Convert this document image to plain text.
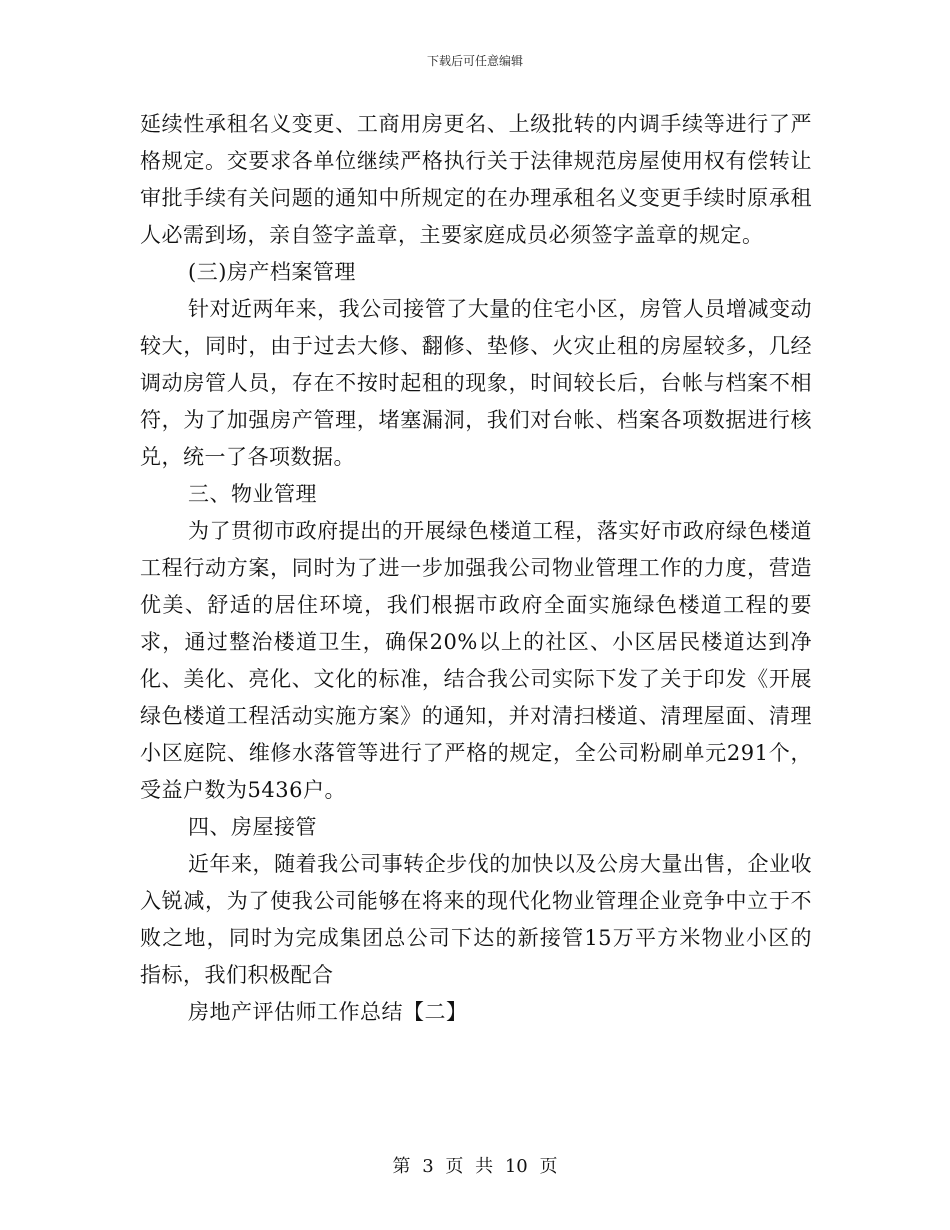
下载后可任意编辑

延续性承租名义变更、工商用房更名、上级批转的内调手续等进行了严格规定。交要求各单位继续严格执行关于法律规范房屋使用权有偿转让审批手续有关问题的通知中所规定的在办理承租名义变更手续时原承租人必需到场，亲自签字盖章，主要家庭成员必须签字盖章的规定。

(三)房产档案管理

针对近两年来，我公司接管了大量的住宅小区，房管人员增减变动较大，同时，由于过去大修、翻修、垫修、火灾止租的房屋较多，几经调动房管人员，存在不按时起租的现象，时间较长后，台帐与档案不相符，为了加强房产管理，堵塞漏洞，我们对台帐、档案各项数据进行核兑，统一了各项数据。

三、物业管理

为了贯彻市政府提出的开展绿色楼道工程，落实好市政府绿色楼道工程行动方案，同时为了进一步加强我公司物业管理工作的力度，营造优美、舒适的居住环境，我们根据市政府全面实施绿色楼道工程的要求，通过整治楼道卫生，确保20%以上的社区、小区居民楼道达到净化、美化、亮化、文化的标准，结合我公司实际下发了关于印发《开展绿色楼道工程活动实施方案》的通知，并对清扫楼道、清理屋面、清理小区庭院、维修水落管等进行了严格的规定，全公司粉刷单元291个，受益户数为5436户。

四、房屋接管

近年来，随着我公司事转企步伐的加快以及公房大量出售，企业收入锐减，为了使我公司能够在将来的现代化物业管理企业竞争中立于不败之地，同时为完成集团总公司下达的新接管15万平方米物业小区的指标，我们积极配合

房地产评估师工作总结【二】

第 3 页 共 10 页
